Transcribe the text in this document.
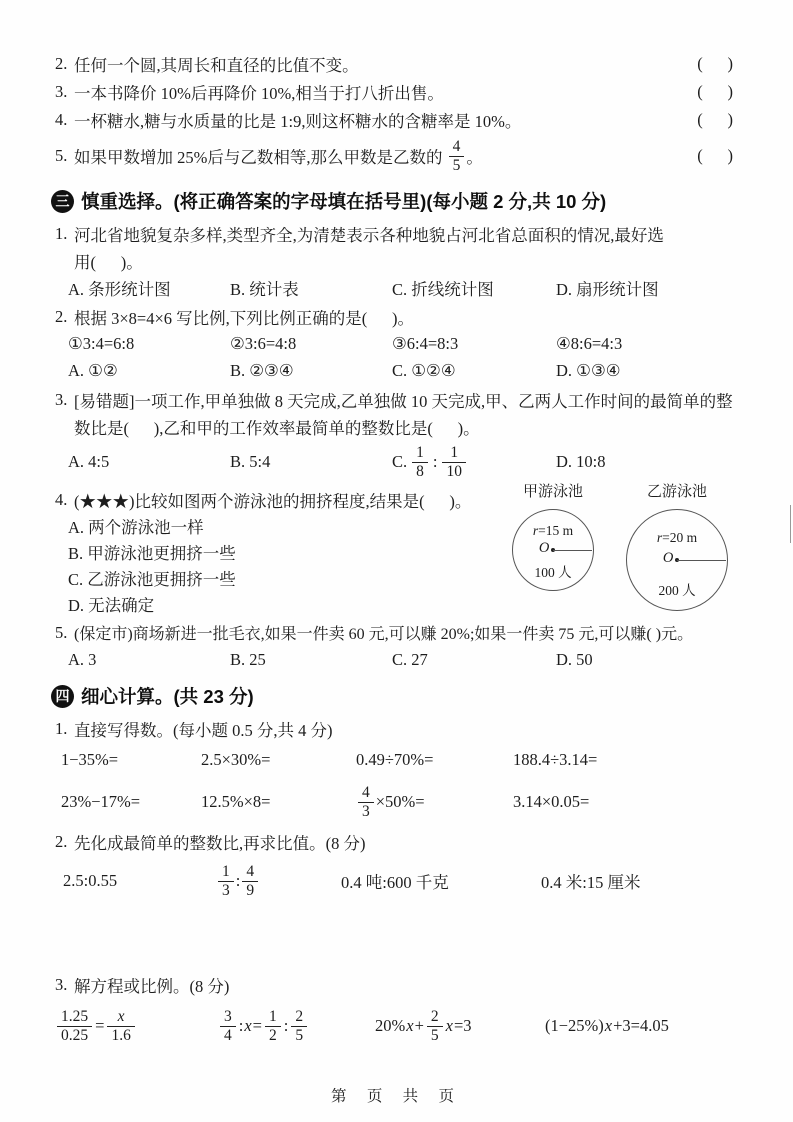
2. 任何一个圆,其周长和直径的比值不变。	(      )
3. 一本书降价 10%后再降价 10%,相当于打八折出售。	(      )
4. 一杯糖水,糖与水质量的比是 1:9,则这杯糖水的含糖率是 10%。	(      )
5. 如果甲数增加 25%后与乙数相等,那么甲数是乙数的 $\frac{4}{5}$ 。	(      )
三 慎重选择。(将正确答案的字母填在括号里)(每小题 2 分,共 10 分)
1. 河北省地貌复杂多样,类型齐全,为清楚表示各种地貌占河北省总面积的情况,最好选
用(      )。
A. 条形统计图	B. 统计表	C. 折线统计图	D. 扇形统计图
2. 根据 3×8=4×6 写比例,下列比例正确的是(      )。
①3:4=6:8	②3:6=4:8	③6:4=8:3	④8:6=4:3
A. ①②	B. ②③④	C. ①②④	D. ①③④
3. [易错题]一项工作,甲单独做 8 天完成,乙单独做 10 天完成,甲、乙两人工作时间的最简单的整
数比是(      ),乙和甲的工作效率最简单的整数比是(      )。
A. 4:5	B. 5:4	C. $\frac{1}{8}$ : $\frac{1}{10}$	D. 10:8
4. (★★★)比较如图两个游泳池的拥挤程度,结果是(      )。
A. 两个游泳池一样
B. 甲游泳池更拥挤一些
C. 乙游泳池更拥挤一些
D. 无法确定
甲游泳池
r=15 m
O
100 人
乙游泳池
r=20 m
O
200 人
5. (保定市)商场新进一批毛衣,如果一件卖 60 元,可以赚 20%;如果一件卖 75 元,可以赚( )元。
A. 3	B. 25	C. 27	D. 50
四 细心计算。(共 23 分)
1. 直接写得数。(每小题 0.5 分,共 4 分)
1−35%=	2.5×30%=	0.49÷70%=	188.4÷3.14=
23%−17%=	12.5%×8=	$\frac{4}{3} \times 50\%=$	3.14×0.05=
2. 先化成最简单的整数比,再求比值。(8 分)
2.5:0.55	$\frac{1}{3}$ : $\frac{4}{9}$	0.4 吨:600 千克	0.4 米:15 厘米
3. 解方程或比例。(8 分)
$\frac{1.25}{0.25} = \frac{x}{1.6}$	$\frac{3}{4}$ : $x = \frac{1}{2}$ : $\frac{2}{5}$	20% $x + \frac{2}{5}$ x =3	(1−25%) x +3=4.05
第 页 共 页
